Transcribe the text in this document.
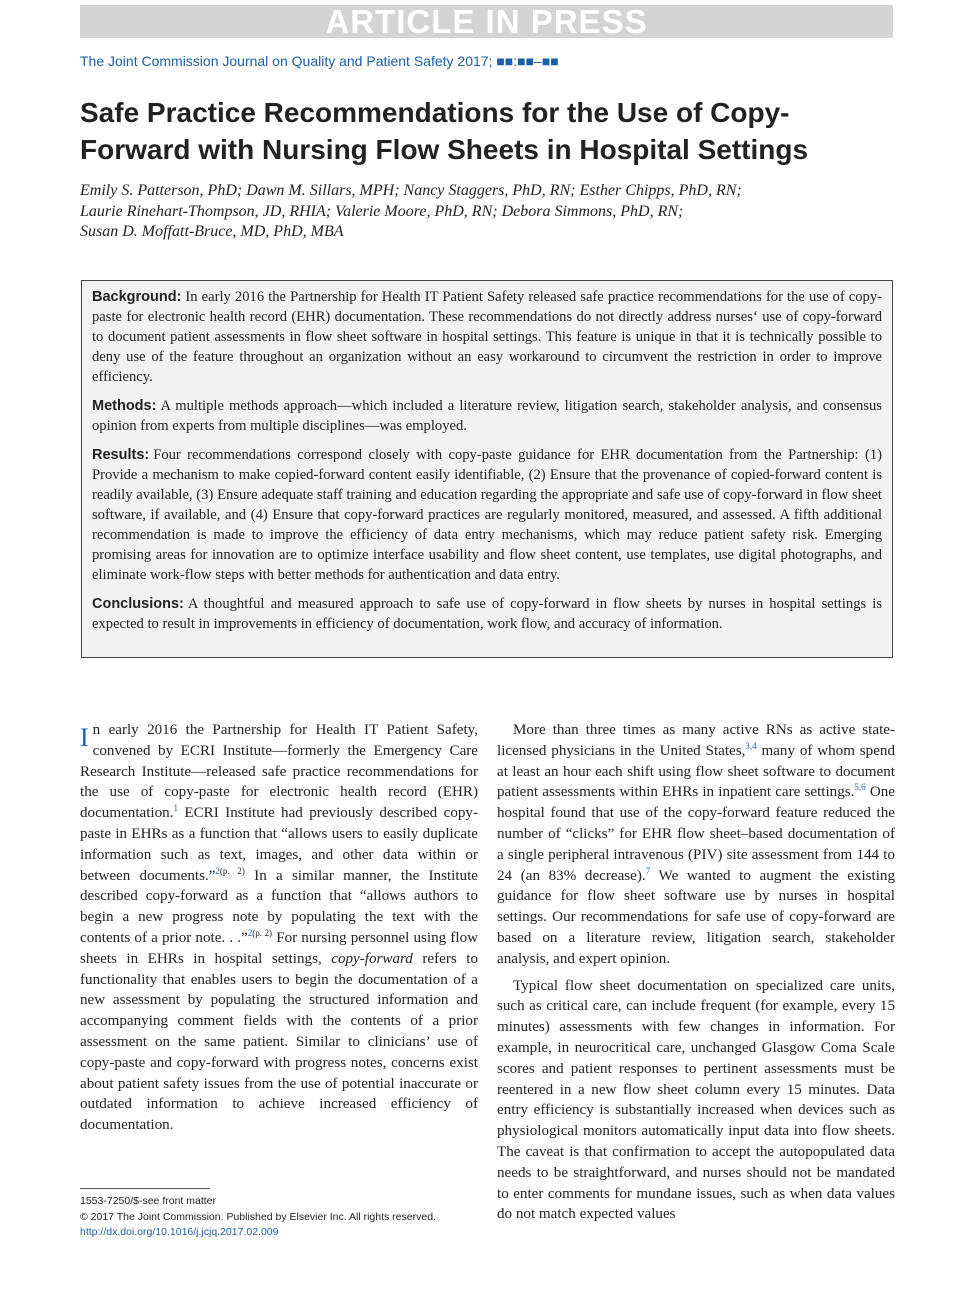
ARTICLE IN PRESS
The Joint Commission Journal on Quality and Patient Safety 2017; ■■:■■–■■
Safe Practice Recommendations for the Use of Copy-Forward with Nursing Flow Sheets in Hospital Settings
Emily S. Patterson, PhD; Dawn M. Sillars, MPH; Nancy Staggers, PhD, RN; Esther Chipps, PhD, RN;
Laurie Rinehart-Thompson, JD, RHIA; Valerie Moore, PhD, RN; Debora Simmons, PhD, RN;
Susan D. Moffatt-Bruce, MD, PhD, MBA

Background: In early 2016 the Partnership for Health IT Patient Safety released safe practice recommendations for the use of copy-paste for electronic health record (EHR) documentation. These recommendations do not directly address nurses‘ use of copy-forward to document patient assessments in flow sheet software in hospital settings. This feature is unique in that it is technically possible to deny use of the feature throughout an organization without an easy workaround to circumvent the restriction in order to improve efficiency.

Methods: A multiple methods approach—which included a literature review, litigation search, stakeholder analysis, and consensus opinion from experts from multiple disciplines—was employed.

Results: Four recommendations correspond closely with copy-paste guidance for EHR documentation from the Partnership: (1) Provide a mechanism to make copied-forward content easily identifiable, (2) Ensure that the provenance of copied-forward content is readily available, (3) Ensure adequate staff training and education regarding the appropriate and safe use of copy-forward in flow sheet software, if available, and (4) Ensure that copy-forward practices are regularly monitored, measured, and assessed. A fifth additional recommendation is made to improve the efficiency of data entry mechanisms, which may reduce patient safety risk. Emerging promising areas for innovation are to optimize interface usability and flow sheet content, use templates, use digital photographs, and eliminate work-flow steps with better methods for authentication and data entry.

Conclusions: A thoughtful and measured approach to safe use of copy-forward in flow sheets by nurses in hospital settings is expected to result in improvements in efficiency of documentation, work flow, and accuracy of information.

In early 2016 the Partnership for Health IT Patient Safety, convened by ECRI Institute—formerly the Emergency Care Research Institute—released safe practice recommendations for the use of copy-paste for electronic health record (EHR) documentation.$^1$ ECRI Institute had previously described copy-paste in EHRs as a function that “allows users to easily duplicate information such as text, images, and other data within or between documents.”$^{2(p. 2)}$ In a similar manner, the Institute described copy-forward as a function that “allows authors to begin a new progress note by populating the text with the contents of a prior note. . .”$^{2(p. 2)}$ For nursing personnel using flow sheets in EHRs in hospital settings, copy-forward refers to functionality that enables users to begin the documentation of a new assessment by populating the structured information and accompanying comment fields with the contents of a prior assessment on the same patient. Similar to clinicians’ use of copy-paste and copy-forward with progress notes, concerns exist about patient safety issues from the use of potential inaccurate or outdated information to achieve increased efficiency of documentation.

More than three times as many active RNs as active state-licensed physicians in the United States,$^{3,4}$ many of whom spend at least an hour each shift using flow sheet software to document patient assessments within EHRs in inpatient care settings.$^{5,6}$ One hospital found that use of the copy-forward feature reduced the number of “clicks” for EHR flow sheet–based documentation of a single peripheral intravenous (PIV) site assessment from 144 to 24 (an 83% decrease).$^7$ We wanted to augment the existing guidance for flow sheet software use by nurses in hospital settings. Our recommendations for safe use of copy-forward are based on a literature review, litigation search, stakeholder analysis, and expert opinion.

Typical flow sheet documentation on specialized care units, such as critical care, can include frequent (for example, every 15 minutes) assessments with few changes in information. For example, in neurocritical care, unchanged Glasgow Coma Scale scores and patient responses to pertinent assessments must be reentered in a new flow sheet column every 15 minutes. Data entry efficiency is substantially increased when devices such as physiological monitors automatically input data into flow sheets. The caveat is that confirmation to accept the autopopulated data needs to be straightforward, and nurses should not be mandated to enter comments for mundane issues, such as when data values do not match expected values

1553-7250/$-see front matter
© 2017 The Joint Commission. Published by Elsevier Inc. All rights reserved.
http://dx.doi.org/10.1016/j.jcjq.2017.02.009
